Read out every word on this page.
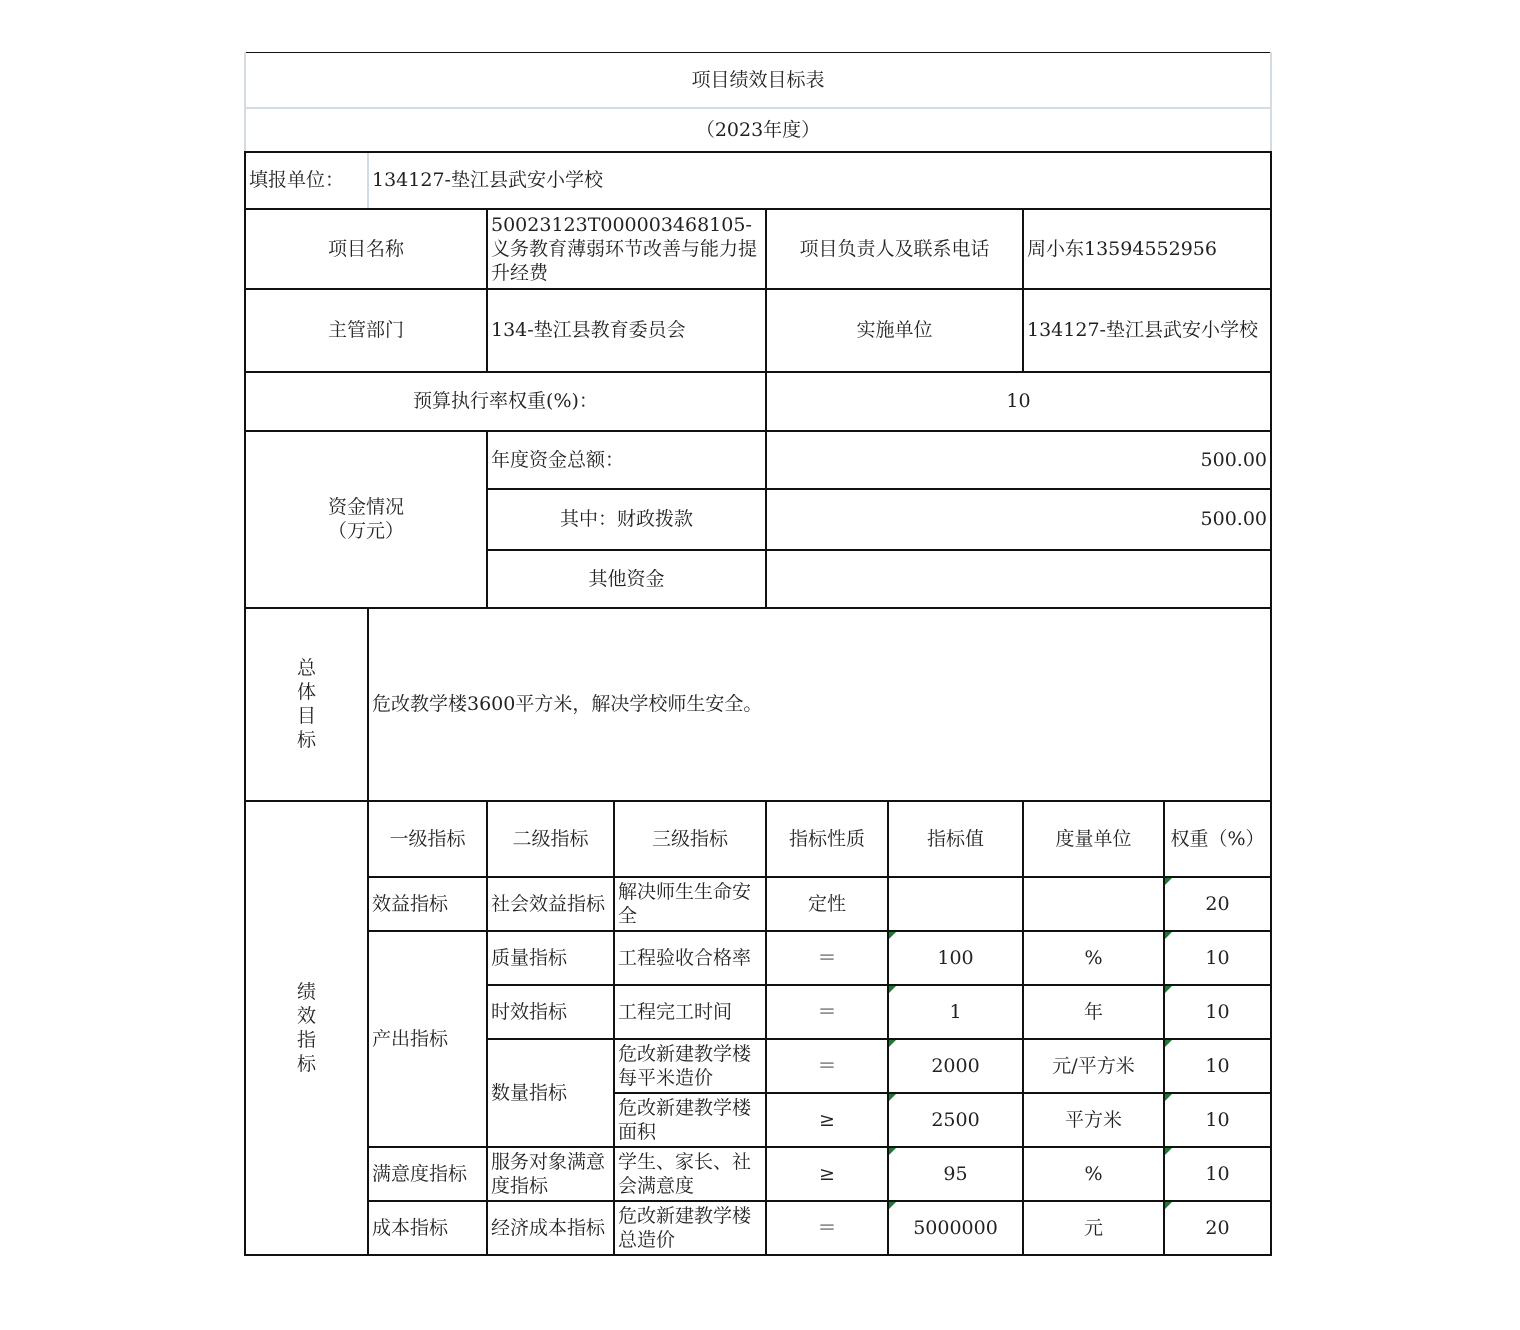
项目绩效目标表							
（2023年度）							
填报单位：	134127-垫江县武安小学校						
项目名称		50023123T000003468105-义务教育薄弱环节改善与能力提升经费		项目负责人及联系电话		周小东13594552956	
主管部门		134-垫江县教育委员会		实施单位		134127-垫江县武安小学校	
预算执行率权重(%)：				10			
资金情况
（万元）		年度资金总额：		500.00			
		其中：财政拨款		500.00			
		其他资金					
总体目标	危改教学楼3600平方米，解决学校师生安全。						
绩效指标	一级指标	二级指标	三级指标	指标性质	指标值	度量单位	权重（%）
	效益指标	社会效益指标	解决师生生命安全	定性			20
	产出指标	质量指标	工程验收合格率	＝	100	%	10
		时效指标	工程完工时间	＝	1	年	10
		数量指标	危改新建教学楼每平米造价	＝	2000	元/平方米	10

			危改新建教学楼面积	≥	2500	平方米	10
	满意度指标	服务对象满意度指标	学生、家长、社会满意度	≥	95	%	10
	成本指标	经济成本指标	危改新建教学楼总造价	＝	5000000	元	20
